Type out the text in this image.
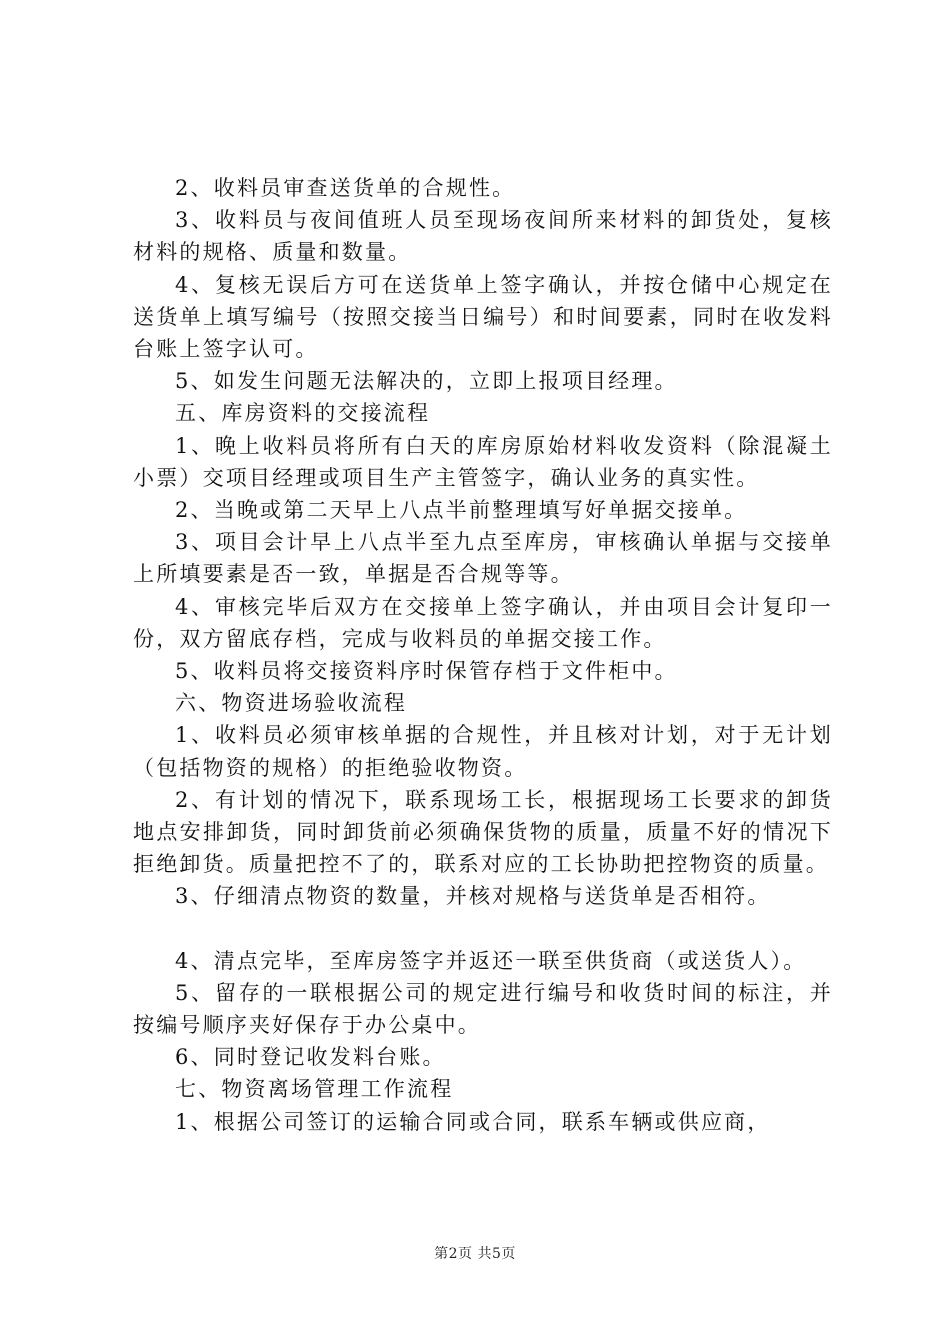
2、收料员审查送货单的合规性。

3、收料员与夜间值班人员至现场夜间所来材料的卸货处，复核材料的规格、质量和数量。

4、复核无误后方可在送货单上签字确认，并按仓储中心规定在送货单上填写编号（按照交接当日编号）和时间要素，同时在收发料台账上签字认可。

5、如发生问题无法解决的，立即上报项目经理。

五、库房资料的交接流程

1、晚上收料员将所有白天的库房原始材料收发资料（除混凝土小票）交项目经理或项目生产主管签字，确认业务的真实性。

2、当晚或第二天早上八点半前整理填写好单据交接单。

3、项目会计早上八点半至九点至库房，审核确认单据与交接单上所填要素是否一致，单据是否合规等等。

4、审核完毕后双方在交接单上签字确认，并由项目会计复印一份，双方留底存档，完成与收料员的单据交接工作。

5、收料员将交接资料序时保管存档于文件柜中。

六、物资进场验收流程

1、收料员必须审核单据的合规性，并且核对计划，对于无计划（包括物资的规格）的拒绝验收物资。

2、有计划的情况下，联系现场工长，根据现场工长要求的卸货地点安排卸货，同时卸货前必须确保货物的质量，质量不好的情况下拒绝卸货。质量把控不了的，联系对应的工长协助把控物资的质量。

3、仔细清点物资的数量，并核对规格与送货单是否相符。

4、清点完毕，至库房签字并返还一联至供货商（或送货人）。

5、留存的一联根据公司的规定进行编号和收货时间的标注，并按编号顺序夹好保存于办公桌中。

6、同时登记收发料台账。

七、物资离场管理工作流程

1、根据公司签订的运输合同或合同，联系车辆或供应商，

第2页 共5页
